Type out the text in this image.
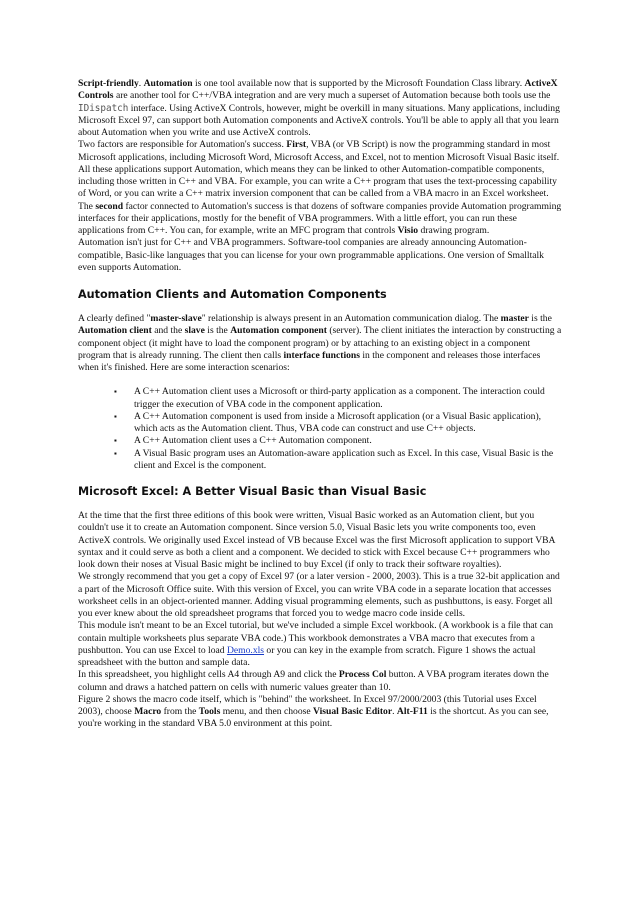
Script-friendly. Automation is one tool available now that is supported by the Microsoft Foundation Class library. ActiveX Controls are another tool for C++/VBA integration and are very much a superset of Automation because both tools use the IDispatch interface. Using ActiveX Controls, however, might be overkill in many situations. Many applications, including Microsoft Excel 97, can support both Automation components and ActiveX controls. You'll be able to apply all that you learn about Automation when you write and use ActiveX controls.

Two factors are responsible for Automation's success. First, VBA (or VB Script) is now the programming standard in most Microsoft applications, including Microsoft Word, Microsoft Access, and Excel, not to mention Microsoft Visual Basic itself. All these applications support Automation, which means they can be linked to other Automation-compatible components, including those written in C++ and VBA. For example, you can write a C++ program that uses the text-processing capability of Word, or you can write a C++ matrix inversion component that can be called from a VBA macro in an Excel worksheet.

The second factor connected to Automation's success is that dozens of software companies provide Automation programming interfaces for their applications, mostly for the benefit of VBA programmers. With a little effort, you can run these applications from C++. You can, for example, write an MFC program that controls Visio drawing program.

Automation isn't just for C++ and VBA programmers. Software-tool companies are already announcing Automation-compatible, Basic-like languages that you can license for your own programmable applications. One version of Smalltalk even supports Automation.

Automation Clients and Automation Components

A clearly defined "master-slave" relationship is always present in an Automation communication dialog. The master is the Automation client and the slave is the Automation component (server). The client initiates the interaction by constructing a component object (it might have to load the component program) or by attaching to an existing object in a component program that is already running. The client then calls interface functions in the component and releases those interfaces when it's finished. Here are some interaction scenarios:

▪ A C++ Automation client uses a Microsoft or third-party application as a component. The interaction could trigger the execution of VBA code in the component application.
▪ A C++ Automation component is used from inside a Microsoft application (or a Visual Basic application), which acts as the Automation client. Thus, VBA code can construct and use C++ objects.
▪ A C++ Automation client uses a C++ Automation component.
▪ A Visual Basic program uses an Automation-aware application such as Excel. In this case, Visual Basic is the client and Excel is the component.
Microsoft Excel: A Better Visual Basic than Visual Basic

At the time that the first three editions of this book were written, Visual Basic worked as an Automation client, but you couldn't use it to create an Automation component. Since version 5.0, Visual Basic lets you write components too, even ActiveX controls. We originally used Excel instead of VB because Excel was the first Microsoft application to support VBA syntax and it could serve as both a client and a component. We decided to stick with Excel because C++ programmers who look down their noses at Visual Basic might be inclined to buy Excel (if only to track their software royalties).

We strongly recommend that you get a copy of Excel 97 (or a later version - 2000, 2003). This is a true 32-bit application and a part of the Microsoft Office suite. With this version of Excel, you can write VBA code in a separate location that accesses worksheet cells in an object-oriented manner. Adding visual programming elements, such as pushbuttons, is easy. Forget all you ever knew about the old spreadsheet programs that forced you to wedge macro code inside cells.

This module isn't meant to be an Excel tutorial, but we've included a simple Excel workbook. (A workbook is a file that can contain multiple worksheets plus separate VBA code.) This workbook demonstrates a VBA macro that executes from a pushbutton. You can use Excel to load Demo.xls or you can key in the example from scratch. Figure 1 shows the actual spreadsheet with the button and sample data.

In this spreadsheet, you highlight cells A4 through A9 and click the Process Col button. A VBA program iterates down the column and draws a hatched pattern on cells with numeric values greater than 10.

Figure 2 shows the macro code itself, which is "behind" the worksheet. In Excel 97/2000/2003 (this Tutorial uses Excel 2003), choose Macro from the Tools menu, and then choose Visual Basic Editor. Alt-F11 is the shortcut. As you can see, you're working in the standard VBA 5.0 environment at this point.
